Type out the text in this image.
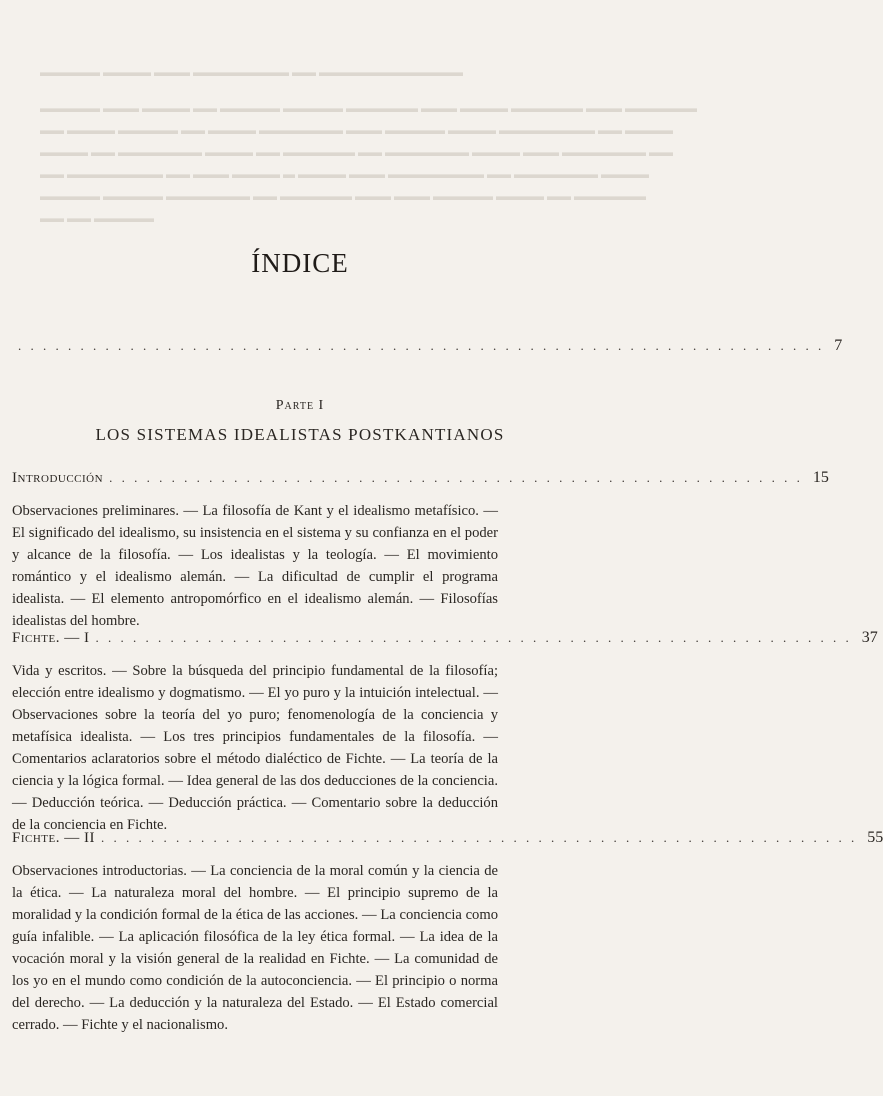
▬▬▬▬▬ ▬▬▬▬ ▬▬▬ ▬▬▬▬▬▬▬▬ ▬▬ ▬▬▬▬▬▬▬▬▬▬▬▬
▬▬▬▬▬ ▬▬▬ ▬▬▬▬ ▬▬ ▬▬▬▬▬ ▬▬▬▬▬ ▬▬▬▬▬▬ ▬▬▬ ▬▬▬▬ ▬▬▬▬▬▬ ▬▬▬ ▬▬▬▬▬▬
▬▬ ▬▬▬▬ ▬▬▬▬▬ ▬▬ ▬▬▬▬ ▬▬▬▬▬▬▬ ▬▬▬ ▬▬▬▬▬ ▬▬▬▬ ▬▬▬▬▬▬▬▬ ▬▬ ▬▬▬▬
▬▬▬▬ ▬▬ ▬▬▬▬▬▬▬ ▬▬▬▬ ▬▬ ▬▬▬▬▬▬ ▬▬ ▬▬▬▬▬▬▬ ▬▬▬▬ ▬▬▬ ▬▬▬▬▬▬▬ ▬▬
▬▬ ▬▬▬▬▬▬▬▬ ▬▬ ▬▬▬ ▬▬▬▬ ▬ ▬▬▬▬ ▬▬▬ ▬▬▬▬▬▬▬▬ ▬▬ ▬▬▬▬▬▬▬ ▬▬▬▬
▬▬▬▬▬ ▬▬▬▬▬ ▬▬▬▬▬▬▬ ▬▬ ▬▬▬▬▬▬ ▬▬▬ ▬▬▬ ▬▬▬▬▬ ▬▬▬▬ ▬▬ ▬▬▬▬▬▬
▬▬ ▬▬ ▬▬▬▬▬
ÍNDICE
. . . . . . . . . . . . . . . . . . . . . . . . . . . . . . . . . . . . . . . . . . . . . . . . . . . . . . . . . . . . . . . . . 7
Parte I
LOS SISTEMAS IDEALISTAS POSTKANTIANOS
Introducción . . . . . . . . . . . . . . . . . . . . . . . . . . . . . . . . . . . . . . . . . . . . . . . . . . . . . . . . 15
Observaciones preliminares. — La filosofía de Kant y el idealismo metafísico. — El significado del idealismo, su insistencia en el sistema y su confianza en el poder y alcance de la filosofía. — Los idealistas y la teología. — El movimiento romántico y el idealismo alemán. — La dificultad de cumplir el programa idealista. — El elemento antropomórfico en el idealismo alemán. — Filosofías idealistas del hombre.
Fichte. — I . . . . . . . . . . . . . . . . . . . . . . . . . . . . . . . . . . . . . . . . . . . . . . . . . . . . . . . . . . . . . 37
Vida y escritos. — Sobre la búsqueda del principio fundamental de la filosofía; elección entre idealismo y dogmatismo. — El yo puro y la intuición intelectual. — Observaciones sobre la teoría del yo puro; fenomenología de la conciencia y metafísica idealista. — Los tres principios fundamentales de la filosofía. — Comentarios aclaratorios sobre el método dialéctico de Fichte. — La teoría de la ciencia y la lógica formal. — Idea general de las dos deducciones de la conciencia. — Deducción teórica. — Deducción práctica. — Comentario sobre la deducción de la conciencia en Fichte.
Fichte. — II . . . . . . . . . . . . . . . . . . . . . . . . . . . . . . . . . . . . . . . . . . . . . . . . . . . . . . . . . . . . . 55
Observaciones introductorias. — La conciencia de la moral común y la ciencia de la ética. — La naturaleza moral del hombre. — El principio supremo de la moralidad y la condición formal de la ética de las acciones. — La conciencia como guía infalible. — La aplicación filosófica de la ley ética formal. — La idea de la vocación moral y la visión general de la realidad en Fichte. — La comunidad de los yo en el mundo como condición de la autoconciencia. — El principio o norma del derecho. — La deducción y la naturaleza del Estado. — El Estado comercial cerrado. — Fichte y el nacionalismo.
